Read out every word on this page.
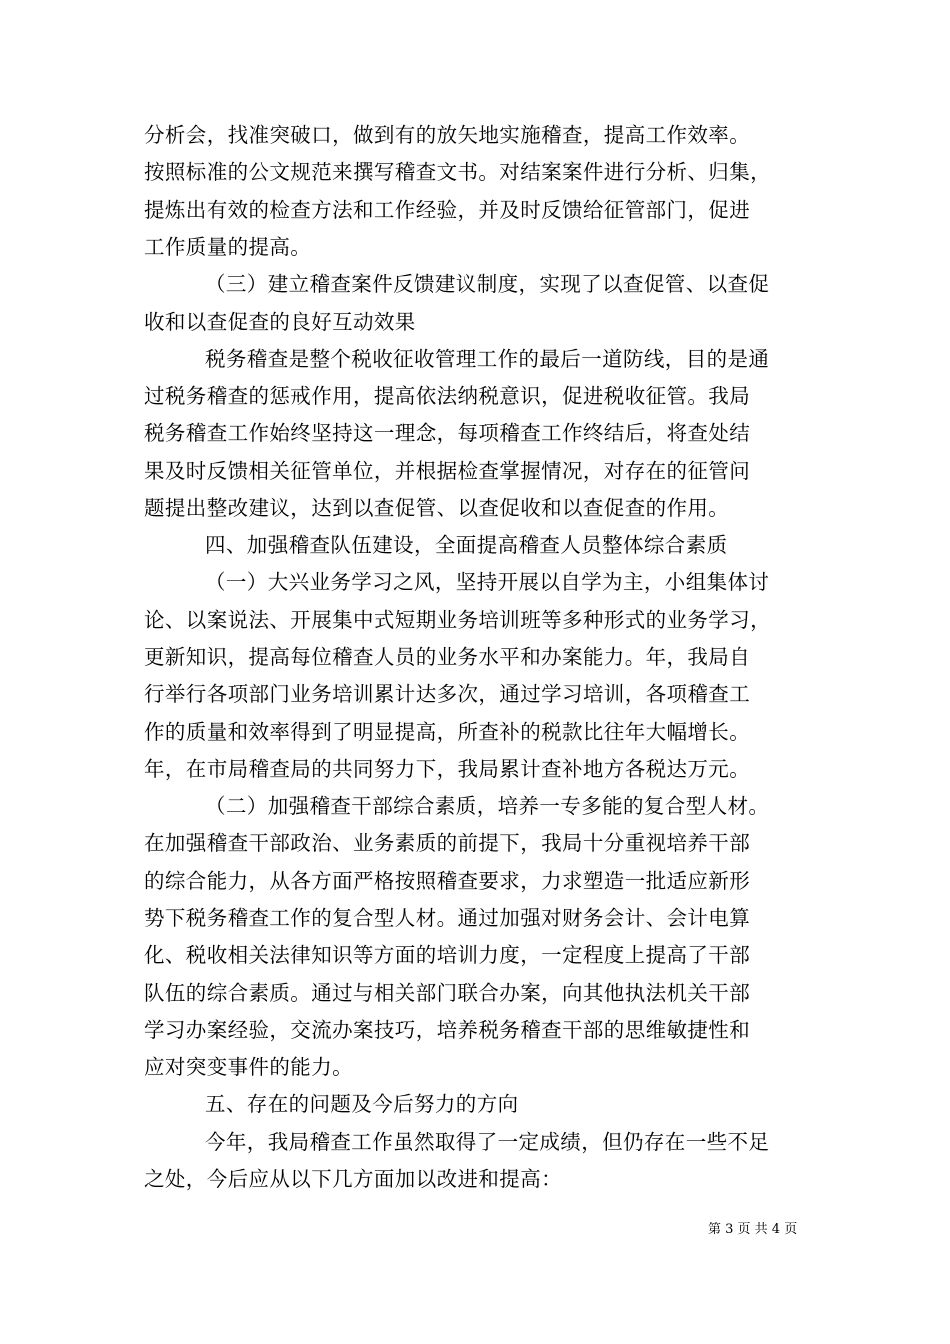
分析会，找准突破口，做到有的放矢地实施稽查，提高工作效率。
按照标准的公文规范来撰写稽查文书。对结案案件进行分析、归集，
提炼出有效的检查方法和工作经验，并及时反馈给征管部门，促进
工作质量的提高。
（三）建立稽查案件反馈建议制度，实现了以查促管、以查促
收和以查促查的良好互动效果
税务稽查是整个税收征收管理工作的最后一道防线，目的是通
过税务稽查的惩戒作用，提高依法纳税意识，促进税收征管。我局
税务稽查工作始终坚持这一理念，每项稽查工作终结后，将查处结
果及时反馈相关征管单位，并根据检查掌握情况，对存在的征管问
题提出整改建议，达到以查促管、以查促收和以查促查的作用。
四、加强稽查队伍建设，全面提高稽查人员整体综合素质
（一）大兴业务学习之风，坚持开展以自学为主，小组集体讨
论、以案说法、开展集中式短期业务培训班等多种形式的业务学习，
更新知识，提高每位稽查人员的业务水平和办案能力。年，我局自
行举行各项部门业务培训累计达多次，通过学习培训，各项稽查工
作的质量和效率得到了明显提高，所查补的税款比往年大幅增长。
年，在市局稽查局的共同努力下，我局累计查补地方各税达万元。
（二）加强稽查干部综合素质，培养一专多能的复合型人材。
在加强稽查干部政治、业务素质的前提下，我局十分重视培养干部
的综合能力，从各方面严格按照稽查要求，力求塑造一批适应新形
势下税务稽查工作的复合型人材。通过加强对财务会计、会计电算
化、税收相关法律知识等方面的培训力度，一定程度上提高了干部
队伍的综合素质。通过与相关部门联合办案，向其他执法机关干部
学习办案经验，交流办案技巧，培养税务稽查干部的思维敏捷性和
应对突变事件的能力。
五、存在的问题及今后努力的方向
今年，我局稽查工作虽然取得了一定成绩，但仍存在一些不足
之处，今后应从以下几方面加以改进和提高：
第 3 页 共 4 页
